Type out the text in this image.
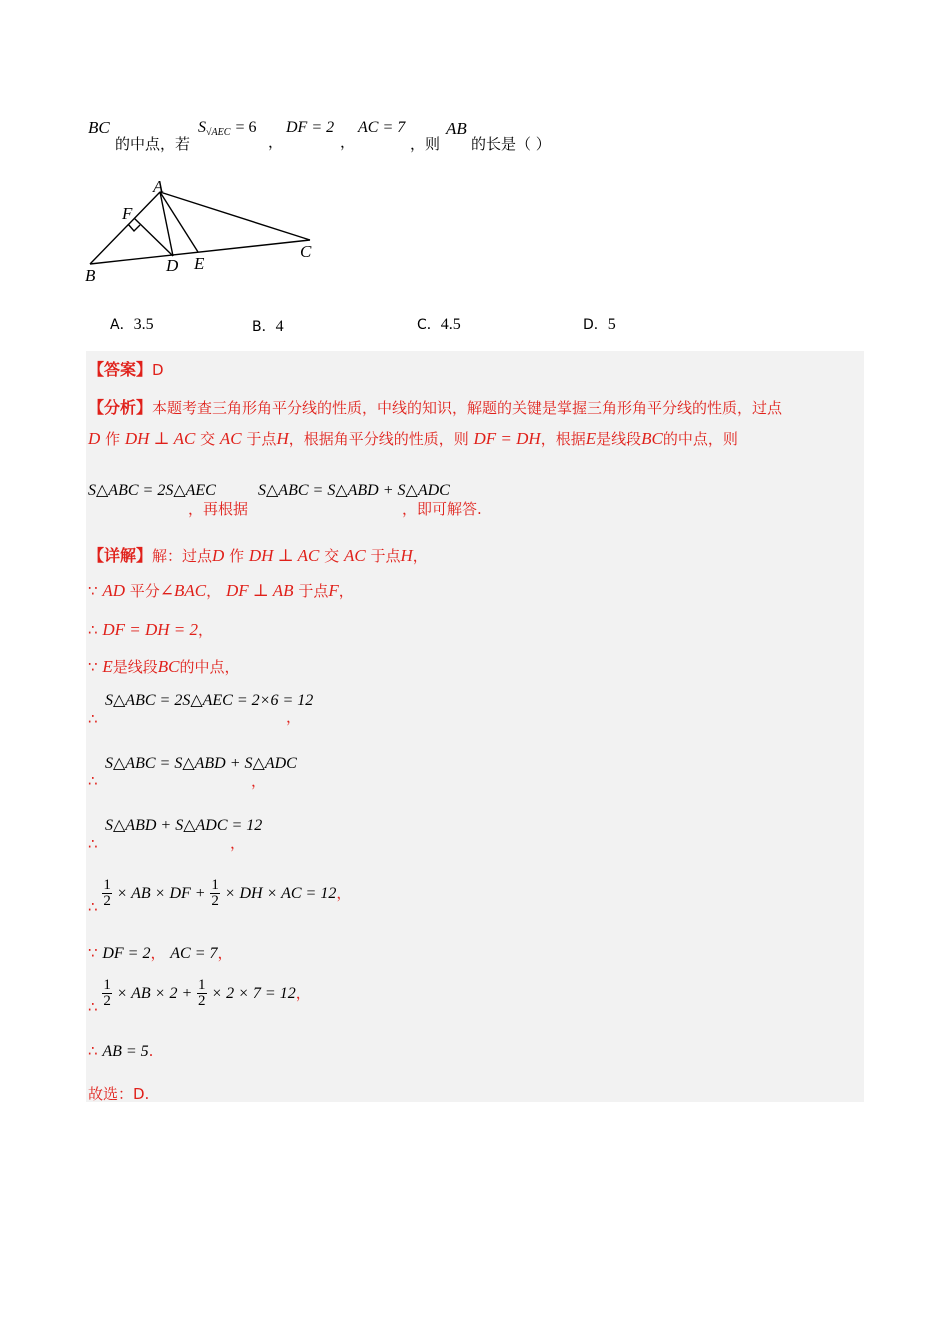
BC
的中点，若
$S_{√AEC} = 6$
，
DF = 2
，
AC = 7
，则
AB
的长是（ ）
A
F
B
D E
C
A．3.5	B．4	C．4.5	D．5
【答案】D
【分析】本题考查三角形角平分线的性质，中线的知识，解题的关键是掌握三角形角平分线的性质，过点
D 作 DH ⊥ AC 交 AC 于点H，根据角平分线的性质，则 DF = DH，根据E是线段BC的中点，则
S△ABC = 2S△AEC
，再根据
S△ABC = S△ABD + S△ADC
，即可解答.
【详解】解：过点D 作 DH ⊥ AC 交 AC 于点H，
∵ AD 平分∠BAC， DF ⊥ AB 于点F，
∴ DF = DH = 2，
∵ E是线段BC的中点，
∴
S△ABC = 2S△AEC = 2×6 = 12
，
∴
S△ABC = S△ABD + S△ADC
，
∴
S△ABD + S△ADC = 12
，
∴ $\frac{1}{2}$ × AB × DF + $\frac{1}{2}$ × DH × AC = 12，
∵ DF = 2， AC = 7，
∴ $\frac{1}{2}$ × AB × $2 + \frac{1}{2} \times 2 \times 7 = 12$，
∴ AB = 5.
故选：D.
